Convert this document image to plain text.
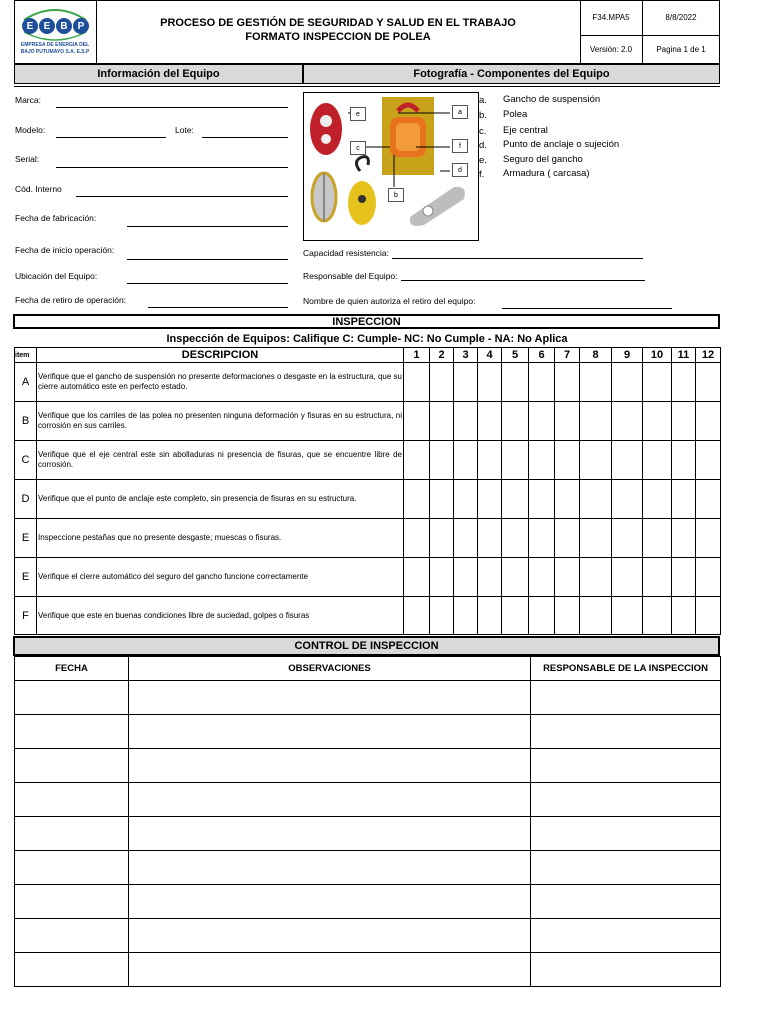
E	E	B	P
EMPRESA DE ENERGIA DEL
BAJO PUTUMAYO S.A. E.S.P
PROCESO DE GESTIÓN DE SEGURIDAD Y SALUD EN EL TRABAJO
FORMATO INSPECCION DE POLEA
F34.MPA5	8/8/2022
Versión: 2.0	Pagina 1 de 1
Información del Equipo	Fotografía - Componentes del Equipo
Marca:
Modelo:	Lote:
Serial:
Cód. Interno
Fecha de fabricación:
Fecha de inicio operación:
Ubicación del Equipo:
Fecha de retiro de operación:
e	a
c	f
d
b
a. Gancho de suspensión
b. Polea
c. Eje central
d. Punto de anclaje o sujeción
e. Seguro del gancho
f. Armadura ( carcasa)
Capacidad resistencia:
Responsable del Equipo:
Nombre de quien autoriza el retiro del equipo:
INSPECCION
Inspección de Equipos: Califique C: Cumple- NC: No Cumple - NA: No Aplica
item	DESCRIPCION	1	2	3	4	5	6	7	8	9	10	11	12
A	Verifique que el gancho de suspensión no presente deformaciones o desgaste en la estructura, que su cierre automático este en perfecto estado.												
B	Verifique que los carriles de las polea no presenten ninguna deformación y fisuras en su estructura, ni corrosión en sus carriles.												
C	Verifique que el eje central este sin abolladuras ni presencia de fisuras, que se encuentre libre de corrosión.												
D	Verifique que el punto de anclaje este completo, sin presencia de fisuras en su estructura.												
E	Inspeccione pestañas que no presente desgaste; muescas o fisuras.												
E	Verifique el cierre automático del seguro del gancho funcione correctamente												
F	Verifique que este en buenas condiciones libre de suciedad, golpes o fisuras												
CONTROL DE INSPECCION
FECHA	OBSERVACIONES	RESPONSABLE DE LA INSPECCION
